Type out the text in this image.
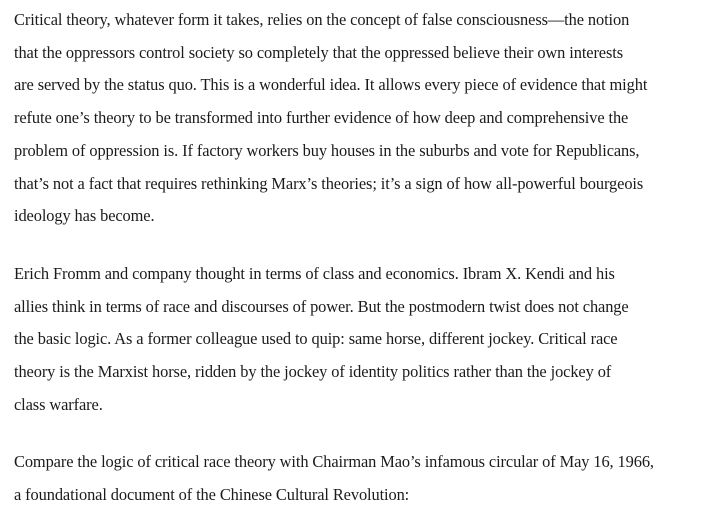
Critical theory, whatever form it takes, relies on the concept of false consciousness—the notion
that the oppressors control society so completely that the oppressed believe their own interests
are served by the status quo. This is a wonderful idea. It allows every piece of evidence that might
refute one’s theory to be transformed into further evidence of how deep and comprehensive the
problem of oppression is. If factory workers buy houses in the suburbs and vote for Republicans,
that’s not a fact that requires rethinking Marx’s theories; it’s a sign of how all-powerful bourgeois
ideology has become.

Erich Fromm and company thought in terms of class and economics. Ibram X. Kendi and his
allies think in terms of race and discourses of power. But the postmodern twist does not change
the basic logic. As a former colleague used to quip: same horse, different jockey. Critical race
theory is the Marxist horse, ridden by the jockey of identity politics rather than the jockey of
class warfare.

Compare the logic of critical race theory with Chairman Mao’s infamous circular of May 16, 1966,
a foundational document of the Chinese Cultural Revolution:
